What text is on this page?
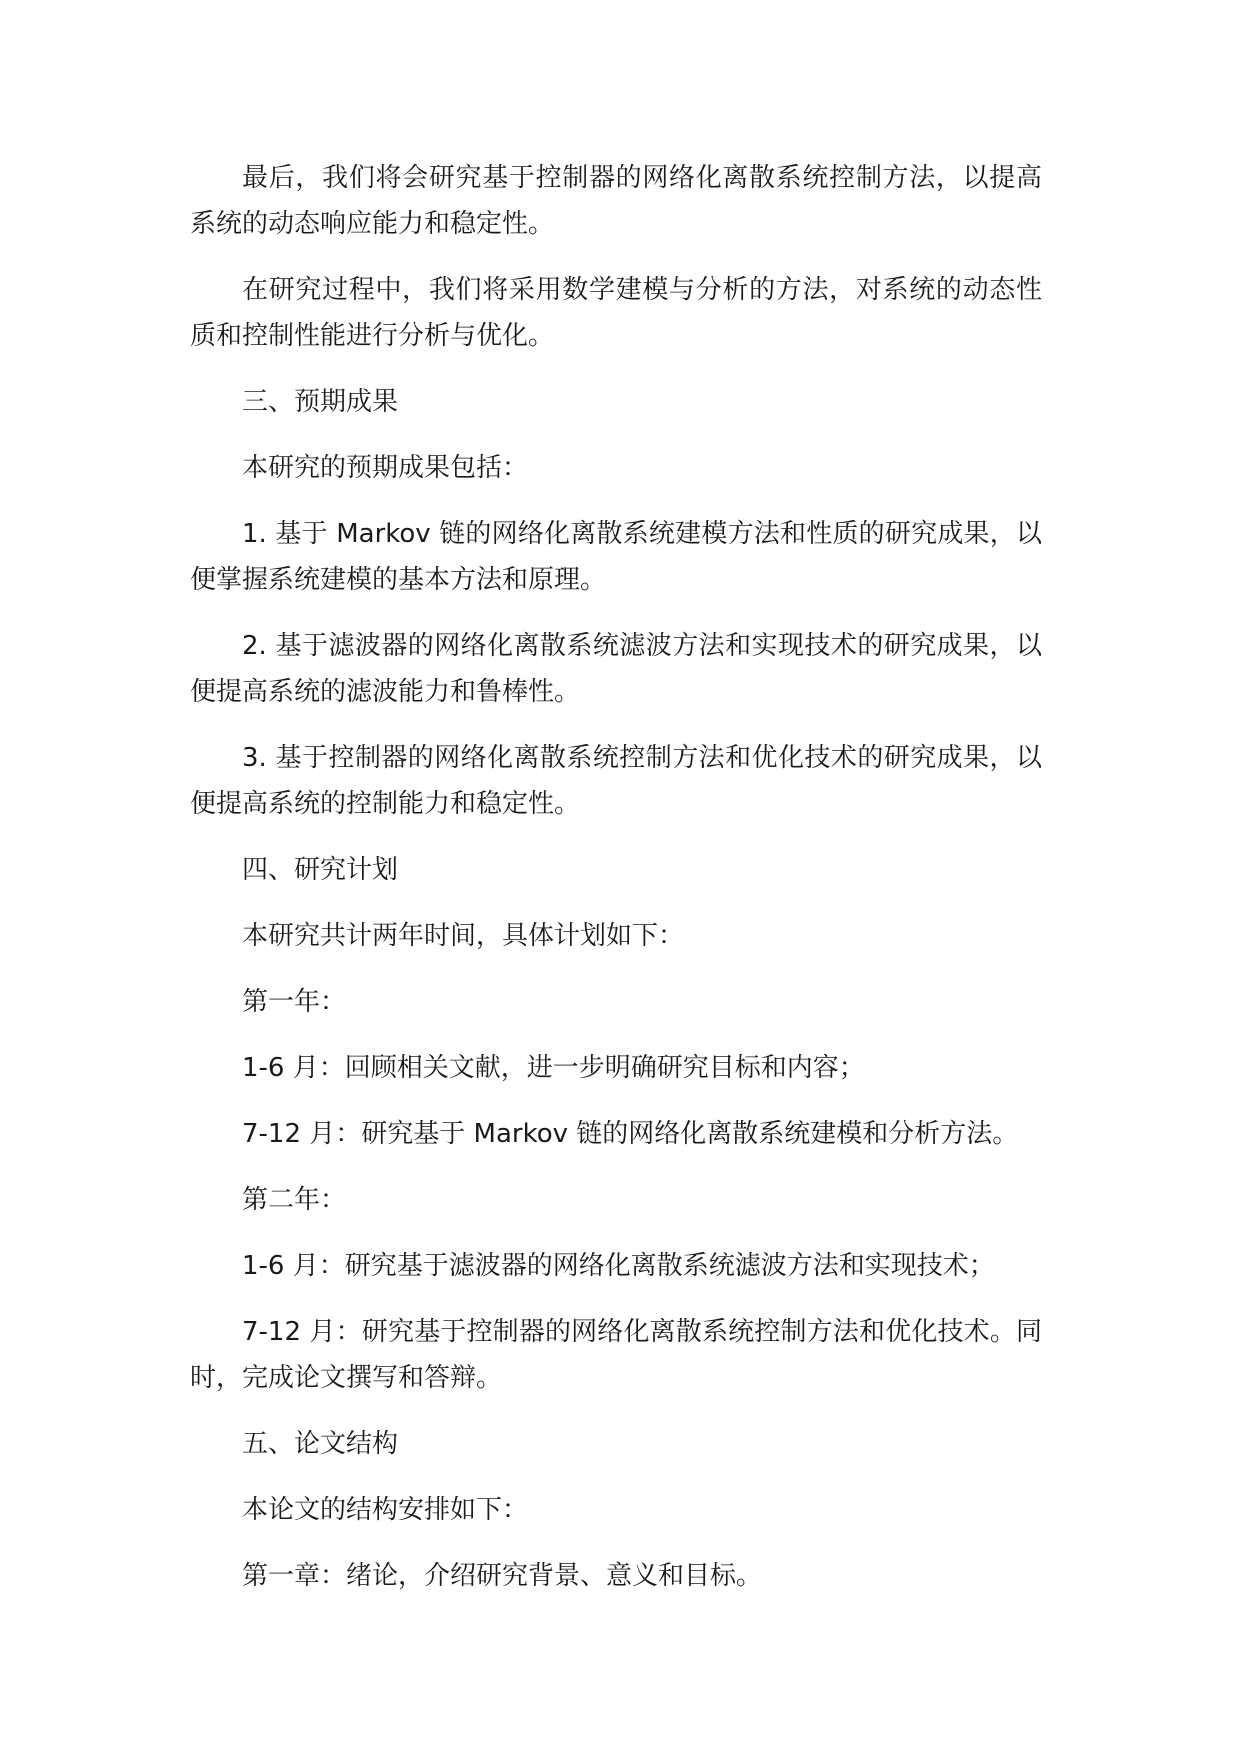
最后，我们将会研究基于控制器的网络化离散系统控制方法，以提高系统的动态响应能力和稳定性。

在研究过程中，我们将采用数学建模与分析的方法，对系统的动态性质和控制性能进行分析与优化。

三、预期成果

本研究的预期成果包括：

1. 基于 Markov 链的网络化离散系统建模方法和性质的研究成果，以便掌握系统建模的基本方法和原理。

2. 基于滤波器的网络化离散系统滤波方法和实现技术的研究成果，以便提高系统的滤波能力和鲁棒性。

3. 基于控制器的网络化离散系统控制方法和优化技术的研究成果，以便提高系统的控制能力和稳定性。

四、研究计划

本研究共计两年时间，具体计划如下：

第一年：

1-6 月：回顾相关文献，进一步明确研究目标和内容；

7-12 月：研究基于 Markov 链的网络化离散系统建模和分析方法。

第二年：

1-6 月：研究基于滤波器的网络化离散系统滤波方法和实现技术；

7-12 月：研究基于控制器的网络化离散系统控制方法和优化技术。同时，完成论文撰写和答辩。

五、论文结构

本论文的结构安排如下：

第一章：绪论，介绍研究背景、意义和目标。
